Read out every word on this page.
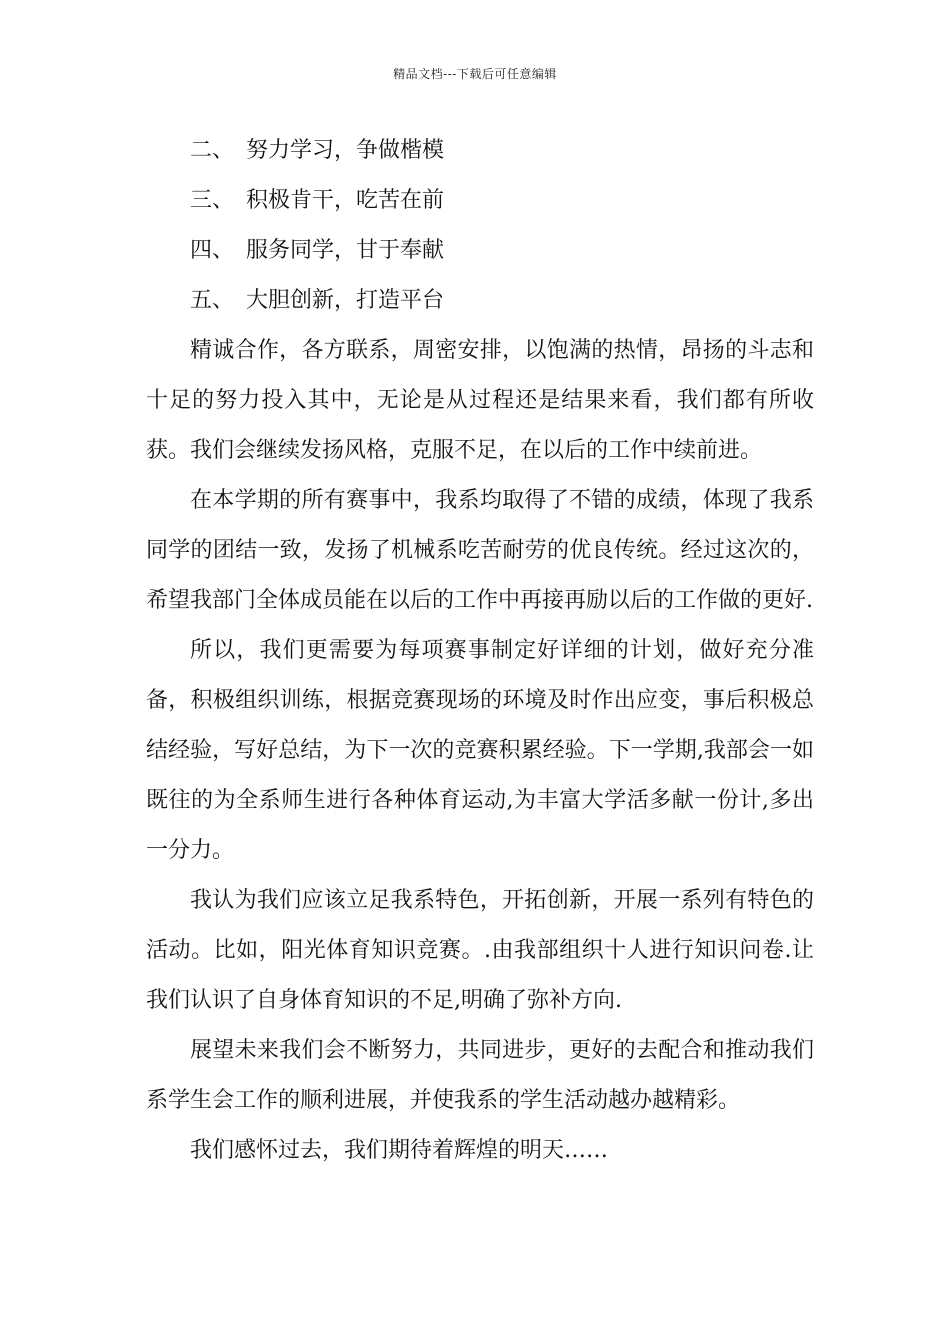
精品文档---下载后可任意编辑
二、 努力学习，争做楷模
三、 积极肯干，吃苦在前
四、 服务同学，甘于奉献
五、 大胆创新，打造平台

精诚合作，各方联系，周密安排，以饱满的热情，昂扬的斗志和十足的努力投入其中，无论是从过程还是结果来看，我们都有所收获。我们会继续发扬风格，克服不足，在以后的工作中续前进。

在本学期的所有赛事中，我系均取得了不错的成绩，体现了我系同学的团结一致，发扬了机械系吃苦耐劳的优良传统。经过这次的，希望我部门全体成员能在以后的工作中再接再励以后的工作做的更好.

所以，我们更需要为每项赛事制定好详细的计划，做好充分准备，积极组织训练，根据竞赛现场的环境及时作出应变，事后积极总结经验，写好总结，为下一次的竞赛积累经验。下一学期,我部会一如既往的为全系师生进行各种体育运动,为丰富大学活多献一份计,多出一分力。

我认为我们应该立足我系特色，开拓创新，开展一系列有特色的活动。比如，阳光体育知识竞赛。.由我部组织十人进行知识问卷.让我们认识了自身体育知识的不足,明确了弥补方向.

展望未来我们会不断努力，共同进步，更好的去配合和推动我们系学生会工作的顺利进展，并使我系的学生活动越办越精彩。

我们感怀过去，我们期待着辉煌的明天……
